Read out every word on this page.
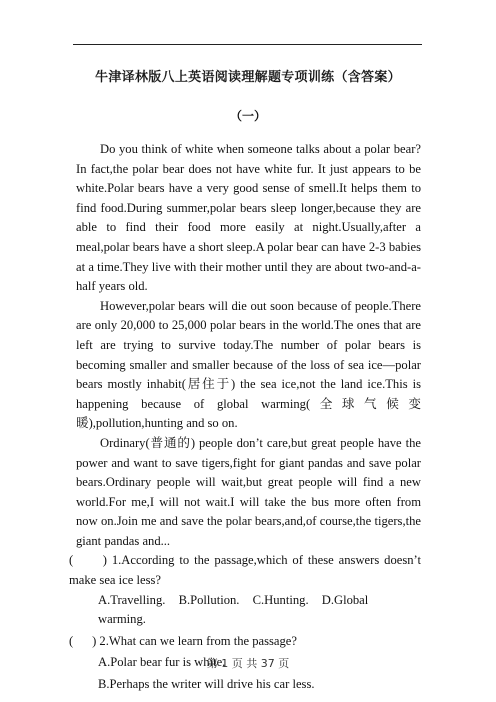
牛津译林版八上英语阅读理解题专项训练（含答案）
（一）

Do you think of white when someone talks about a polar bear?In fact,the polar bear does not have white fur. It just appears to be white.Polar bears have a very good sense of smell.It helps them to find food.During summer,polar bears sleep longer,because they are able to find their food more easily at night.Usually,after a meal,polar bears have a short sleep.A polar bear can have 2-3 babies at a time.They live with their mother until they are about two-and-a-half years old.

However,polar bears will die out soon because of people.There are only 20,000 to 25,000 polar bears in the world.The ones that are left are trying to survive today.The number of polar bears is becoming smaller and smaller because of the loss of sea ice—polar bears mostly inhabit(居住于) the sea ice,not the land ice.This is happening because of global warming(全球气候变暖),pollution,hunting and so on.

Ordinary(普通的) people don’t care,but great people have the power and want to save tigers,fight for giant pandas and save polar bears.Ordinary people will wait,but great people will find a new world.For me,I will not wait.I will take the bus more often from now on.Join me and save the polar bears,and,of course,the tigers,the giant pandas and...

(      ) 1.According to the passage,which of these answers doesn’t make sea ice less?

A.Travelling. B.Pollution. C.Hunting. D.Global warming.

(      ) 2.What can we learn from the passage?

A.Polar bear fur is white.

B.Perhaps the writer will drive his car less.

第 1 页 共 37 页
